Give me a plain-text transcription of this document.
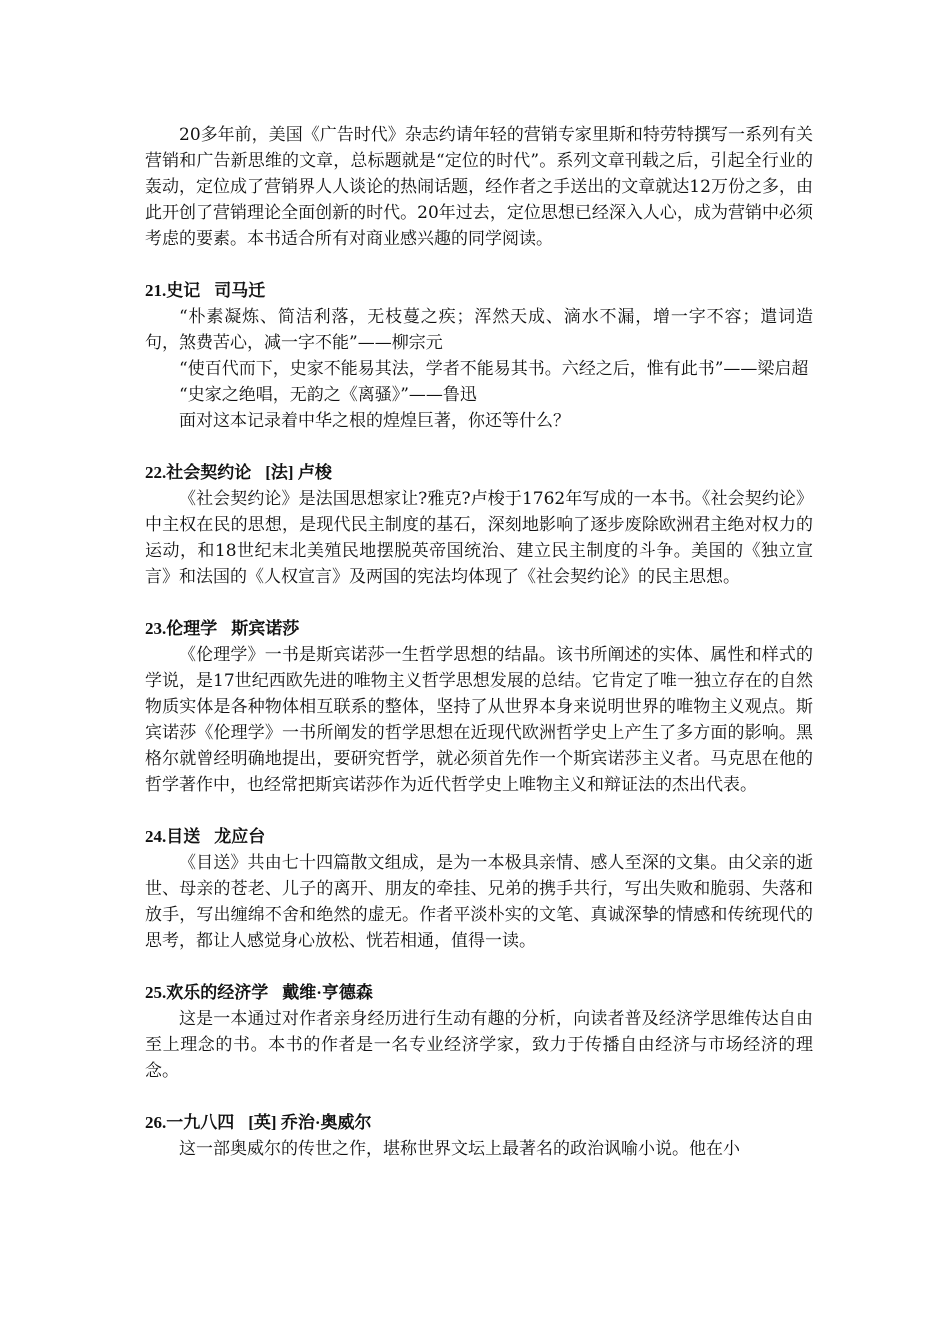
20多年前，美国《广告时代》杂志约请年轻的营销专家里斯和特劳特撰写一系列有关营销和广告新思维的文章，总标题就是“定位的时代”。系列文章刊载之后，引起全行业的轰动，定位成了营销界人人谈论的热闹话题，经作者之手送出的文章就达12万份之多，由此开创了营销理论全面创新的时代。20年过去，定位思想已经深入人心，成为营销中必须考虑的要素。本书适合所有对商业感兴趣的同学阅读。

21.史记 司马迁

“朴素凝炼、简洁利落，无枝蔓之疾；浑然天成、滴水不漏，增一字不容；遣词造句，煞费苦心，减一字不能”——柳宗元

“使百代而下，史家不能易其法，学者不能易其书。六经之后，惟有此书”——梁启超

“史家之绝唱，无韵之《离骚》”——鲁迅

面对这本记录着中华之根的煌煌巨著，你还等什么？

22.社会契约论 [法] 卢梭

《社会契约论》是法国思想家让?雅克?卢梭于1762年写成的一本书。《社会契约论》中主权在民的思想，是现代民主制度的基石，深刻地影响了逐步废除欧洲君主绝对权力的运动，和18世纪末北美殖民地摆脱英帝国统治、建立民主制度的斗争。美国的《独立宣言》和法国的《人权宣言》及两国的宪法均体现了《社会契约论》的民主思想。

23.伦理学 斯宾诺莎

《伦理学》一书是斯宾诺莎一生哲学思想的结晶。该书所阐述的实体、属性和样式的学说，是17世纪西欧先进的唯物主义哲学思想发展的总结。它肯定了唯一独立存在的自然物质实体是各种物体相互联系的整体，坚持了从世界本身来说明世界的唯物主义观点。斯宾诺莎《伦理学》一书所阐发的哲学思想在近现代欧洲哲学史上产生了多方面的影响。黑格尔就曾经明确地提出，要研究哲学，就必须首先作一个斯宾诺莎主义者。马克思在他的哲学著作中，也经常把斯宾诺莎作为近代哲学史上唯物主义和辩证法的杰出代表。

24.目送 龙应台

《目送》共由七十四篇散文组成，是为一本极具亲情、感人至深的文集。由父亲的逝世、母亲的苍老、儿子的离开、朋友的牵挂、兄弟的携手共行，写出失败和脆弱、失落和放手，写出缠绵不舍和绝然的虚无。作者平淡朴实的文笔、真诚深挚的情感和传统现代的思考，都让人感觉身心放松、恍若相通，值得一读。

25.欢乐的经济学 戴维·亨德森

这是一本通过对作者亲身经历进行生动有趣的分析，向读者普及经济学思维传达自由至上理念的书。本书的作者是一名专业经济学家，致力于传播自由经济与市场经济的理念。

26.一九八四 [英] 乔治·奥威尔

这一部奥威尔的传世之作，堪称世界文坛上最著名的政治讽喻小说。他在小
